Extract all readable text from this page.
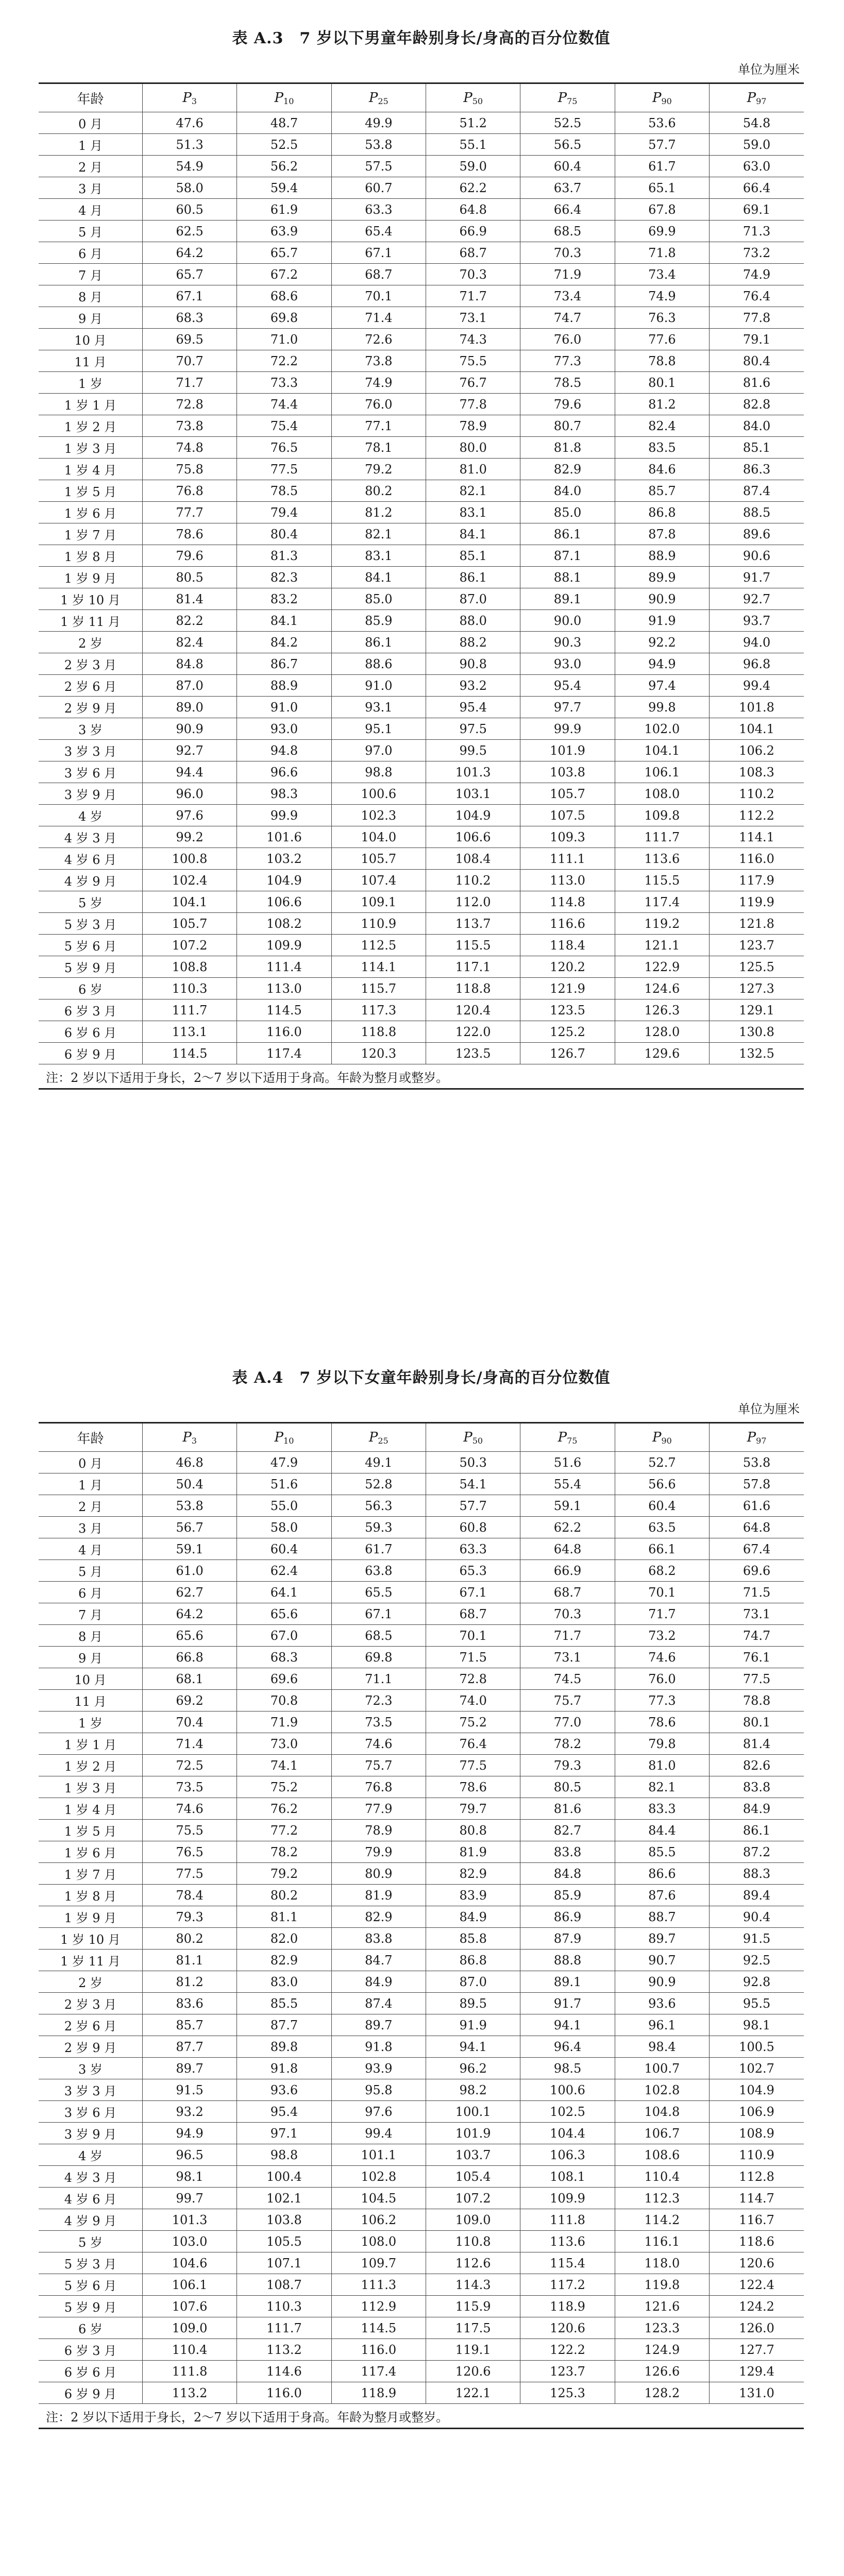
表 A.3　7 岁以下男童年龄别身长/身高的百分位数值
单位为厘米
年龄	$P_3$	$P_{10}$	$P_{25}$	$P_{50}$	$P_{75}$	$P_{90}$	$P_{97}$
0 月	47.6	48.7	49.9	51.2	52.5	53.6	54.8
1 月	51.3	52.5	53.8	55.1	56.5	57.7	59.0
2 月	54.9	56.2	57.5	59.0	60.4	61.7	63.0
3 月	58.0	59.4	60.7	62.2	63.7	65.1	66.4
4 月	60.5	61.9	63.3	64.8	66.4	67.8	69.1
5 月	62.5	63.9	65.4	66.9	68.5	69.9	71.3
6 月	64.2	65.7	67.1	68.7	70.3	71.8	73.2
7 月	65.7	67.2	68.7	70.3	71.9	73.4	74.9
8 月	67.1	68.6	70.1	71.7	73.4	74.9	76.4
9 月	68.3	69.8	71.4	73.1	74.7	76.3	77.8
10 月	69.5	71.0	72.6	74.3	76.0	77.6	79.1
11 月	70.7	72.2	73.8	75.5	77.3	78.8	80.4
1 岁	71.7	73.3	74.9	76.7	78.5	80.1	81.6
1 岁 1 月	72.8	74.4	76.0	77.8	79.6	81.2	82.8
1 岁 2 月	73.8	75.4	77.1	78.9	80.7	82.4	84.0
1 岁 3 月	74.8	76.5	78.1	80.0	81.8	83.5	85.1
1 岁 4 月	75.8	77.5	79.2	81.0	82.9	84.6	86.3
1 岁 5 月	76.8	78.5	80.2	82.1	84.0	85.7	87.4
1 岁 6 月	77.7	79.4	81.2	83.1	85.0	86.8	88.5
1 岁 7 月	78.6	80.4	82.1	84.1	86.1	87.8	89.6
1 岁 8 月	79.6	81.3	83.1	85.1	87.1	88.9	90.6
1 岁 9 月	80.5	82.3	84.1	86.1	88.1	89.9	91.7
1 岁 10 月	81.4	83.2	85.0	87.0	89.1	90.9	92.7
1 岁 11 月	82.2	84.1	85.9	88.0	90.0	91.9	93.7
2 岁	82.4	84.2	86.1	88.2	90.3	92.2	94.0
2 岁 3 月	84.8	86.7	88.6	90.8	93.0	94.9	96.8
2 岁 6 月	87.0	88.9	91.0	93.2	95.4	97.4	99.4
2 岁 9 月	89.0	91.0	93.1	95.4	97.7	99.8	101.8
3 岁	90.9	93.0	95.1	97.5	99.9	102.0	104.1
3 岁 3 月	92.7	94.8	97.0	99.5	101.9	104.1	106.2
3 岁 6 月	94.4	96.6	98.8	101.3	103.8	106.1	108.3
3 岁 9 月	96.0	98.3	100.6	103.1	105.7	108.0	110.2
4 岁	97.6	99.9	102.3	104.9	107.5	109.8	112.2
4 岁 3 月	99.2	101.6	104.0	106.6	109.3	111.7	114.1
4 岁 6 月	100.8	103.2	105.7	108.4	111.1	113.6	116.0
4 岁 9 月	102.4	104.9	107.4	110.2	113.0	115.5	117.9
5 岁	104.1	106.6	109.1	112.0	114.8	117.4	119.9
5 岁 3 月	105.7	108.2	110.9	113.7	116.6	119.2	121.8
5 岁 6 月	107.2	109.9	112.5	115.5	118.4	121.1	123.7
5 岁 9 月	108.8	111.4	114.1	117.1	120.2	122.9	125.5
6 岁	110.3	113.0	115.7	118.8	121.9	124.6	127.3
6 岁 3 月	111.7	114.5	117.3	120.4	123.5	126.3	129.1
6 岁 6 月	113.1	116.0	118.8	122.0	125.2	128.0	130.8
6 岁 9 月	114.5	117.4	120.3	123.5	126.7	129.6	132.5
注：2 岁以下适用于身长，2～7 岁以下适用于身高。年龄为整月或整岁。							
表 A.4　7 岁以下女童年龄别身长/身高的百分位数值
单位为厘米
年龄	$P_3$	$P_{10}$	$P_{25}$	$P_{50}$	$P_{75}$	$P_{90}$	$P_{97}$
0 月	46.8	47.9	49.1	50.3	51.6	52.7	53.8
1 月	50.4	51.6	52.8	54.1	55.4	56.6	57.8
2 月	53.8	55.0	56.3	57.7	59.1	60.4	61.6
3 月	56.7	58.0	59.3	60.8	62.2	63.5	64.8
4 月	59.1	60.4	61.7	63.3	64.8	66.1	67.4
5 月	61.0	62.4	63.8	65.3	66.9	68.2	69.6
6 月	62.7	64.1	65.5	67.1	68.7	70.1	71.5
7 月	64.2	65.6	67.1	68.7	70.3	71.7	73.1
8 月	65.6	67.0	68.5	70.1	71.7	73.2	74.7
9 月	66.8	68.3	69.8	71.5	73.1	74.6	76.1
10 月	68.1	69.6	71.1	72.8	74.5	76.0	77.5
11 月	69.2	70.8	72.3	74.0	75.7	77.3	78.8
1 岁	70.4	71.9	73.5	75.2	77.0	78.6	80.1
1 岁 1 月	71.4	73.0	74.6	76.4	78.2	79.8	81.4
1 岁 2 月	72.5	74.1	75.7	77.5	79.3	81.0	82.6
1 岁 3 月	73.5	75.2	76.8	78.6	80.5	82.1	83.8
1 岁 4 月	74.6	76.2	77.9	79.7	81.6	83.3	84.9
1 岁 5 月	75.5	77.2	78.9	80.8	82.7	84.4	86.1
1 岁 6 月	76.5	78.2	79.9	81.9	83.8	85.5	87.2
1 岁 7 月	77.5	79.2	80.9	82.9	84.8	86.6	88.3
1 岁 8 月	78.4	80.2	81.9	83.9	85.9	87.6	89.4
1 岁 9 月	79.3	81.1	82.9	84.9	86.9	88.7	90.4
1 岁 10 月	80.2	82.0	83.8	85.8	87.9	89.7	91.5
1 岁 11 月	81.1	82.9	84.7	86.8	88.8	90.7	92.5
2 岁	81.2	83.0	84.9	87.0	89.1	90.9	92.8
2 岁 3 月	83.6	85.5	87.4	89.5	91.7	93.6	95.5
2 岁 6 月	85.7	87.7	89.7	91.9	94.1	96.1	98.1
2 岁 9 月	87.7	89.8	91.8	94.1	96.4	98.4	100.5
3 岁	89.7	91.8	93.9	96.2	98.5	100.7	102.7
3 岁 3 月	91.5	93.6	95.8	98.2	100.6	102.8	104.9
3 岁 6 月	93.2	95.4	97.6	100.1	102.5	104.8	106.9
3 岁 9 月	94.9	97.1	99.4	101.9	104.4	106.7	108.9
4 岁	96.5	98.8	101.1	103.7	106.3	108.6	110.9
4 岁 3 月	98.1	100.4	102.8	105.4	108.1	110.4	112.8
4 岁 6 月	99.7	102.1	104.5	107.2	109.9	112.3	114.7
4 岁 9 月	101.3	103.8	106.2	109.0	111.8	114.2	116.7
5 岁	103.0	105.5	108.0	110.8	113.6	116.1	118.6
5 岁 3 月	104.6	107.1	109.7	112.6	115.4	118.0	120.6
5 岁 6 月	106.1	108.7	111.3	114.3	117.2	119.8	122.4
5 岁 9 月	107.6	110.3	112.9	115.9	118.9	121.6	124.2
6 岁	109.0	111.7	114.5	117.5	120.6	123.3	126.0
6 岁 3 月	110.4	113.2	116.0	119.1	122.2	124.9	127.7
6 岁 6 月	111.8	114.6	117.4	120.6	123.7	126.6	129.4
6 岁 9 月	113.2	116.0	118.9	122.1	125.3	128.2	131.0
注：2 岁以下适用于身长，2～7 岁以下适用于身高。年龄为整月或整岁。							
